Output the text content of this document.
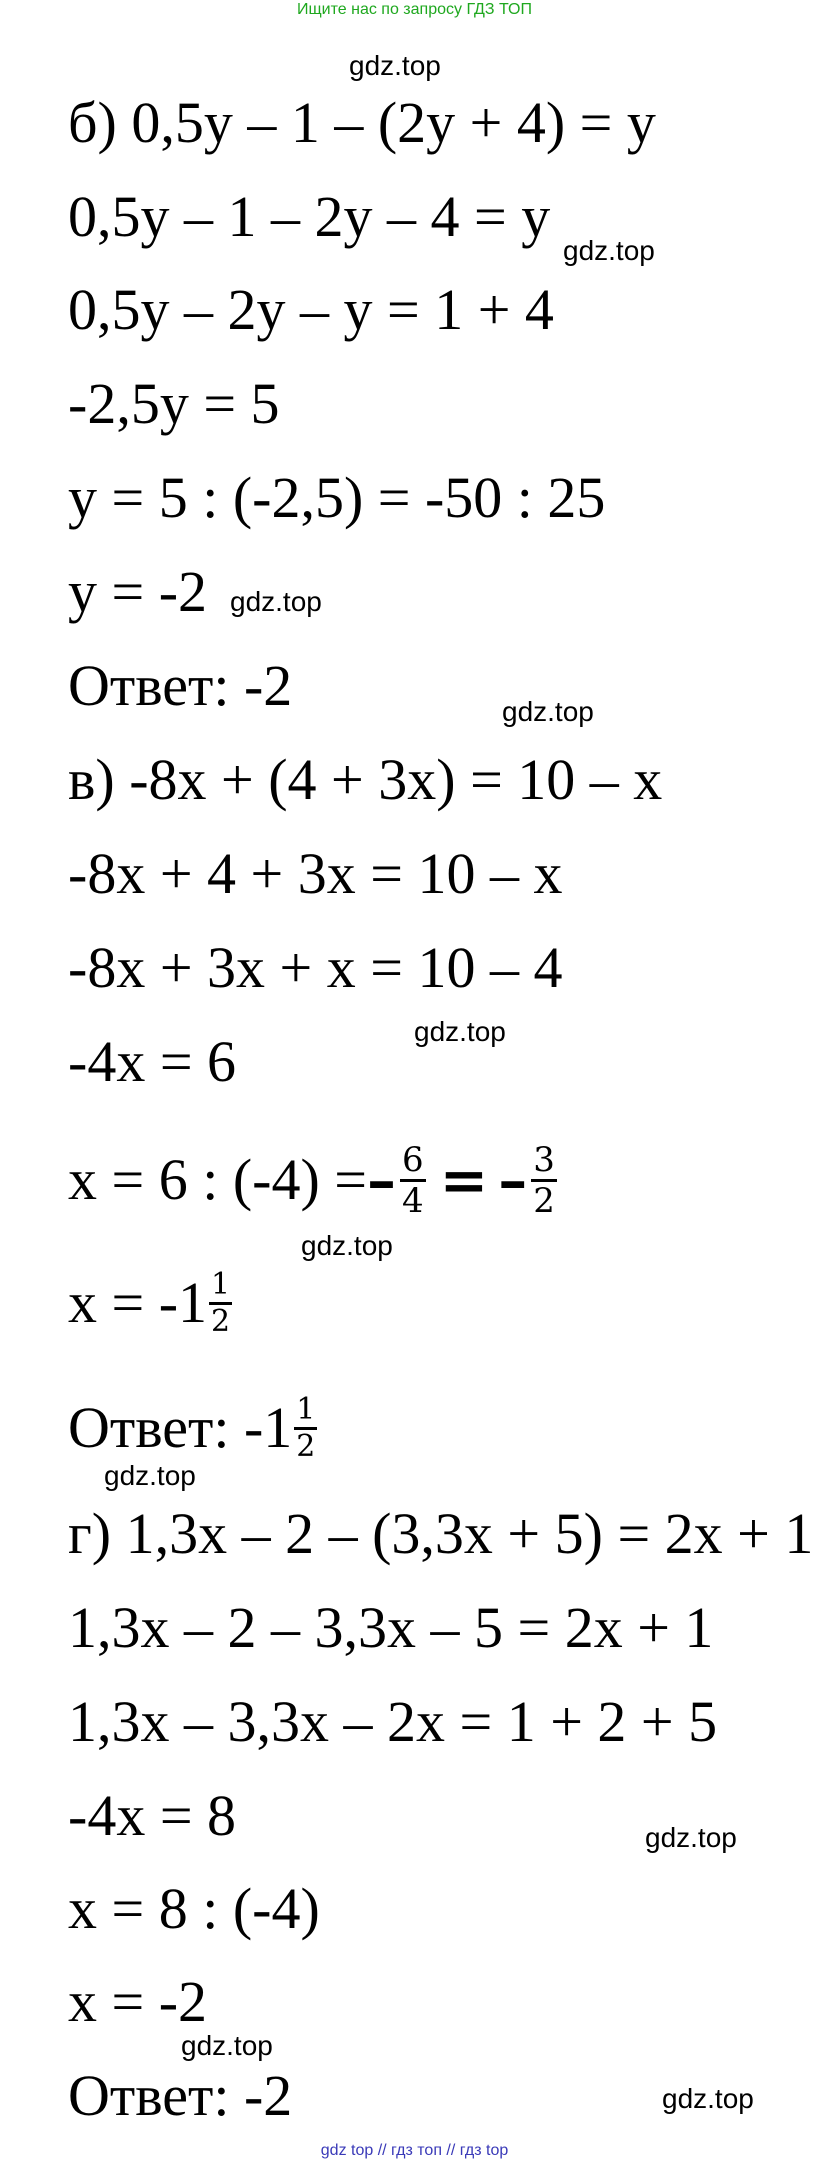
Ищите нас по запросу ГДЗ ТОП
gdz.top
б) 0,5y – 1 – (2y + 4) = y
0,5y – 1 – 2y – 4 = y
gdz.top
0,5y – 2y – y = 1 + 4
-2,5y = 5
y = 5 : (-2,5) = -50 : 25
y = -2 gdz.top
Ответ: -2	gdz.top
в) -8x + (4 + 3x) = 10 – x
-8x + 4 + 3x = 10 – x
-8x + 3x + x = 10 – 4
gdz.top
-4x = 6
x = 6 : (-4) = – $\frac{6}{4}$ = – $\frac{3}{2}$
gdz.top
$x = -1 \frac{1}{2}$
Ответ: $-1 \frac{1}{2}$
gdz.top
г) 1,3x – 2 – (3,3x + 5) = 2x + 1
1,3x – 2 – 3,3x – 5 = 2x + 1
1,3x – 3,3x – 2x = 1 + 2 + 5
-4x = 8	gdz.top
x = 8 : (-4)
x = -2
gdz.top
Ответ: -2	gdz.top
gdz top // гдз топ // гдз top
